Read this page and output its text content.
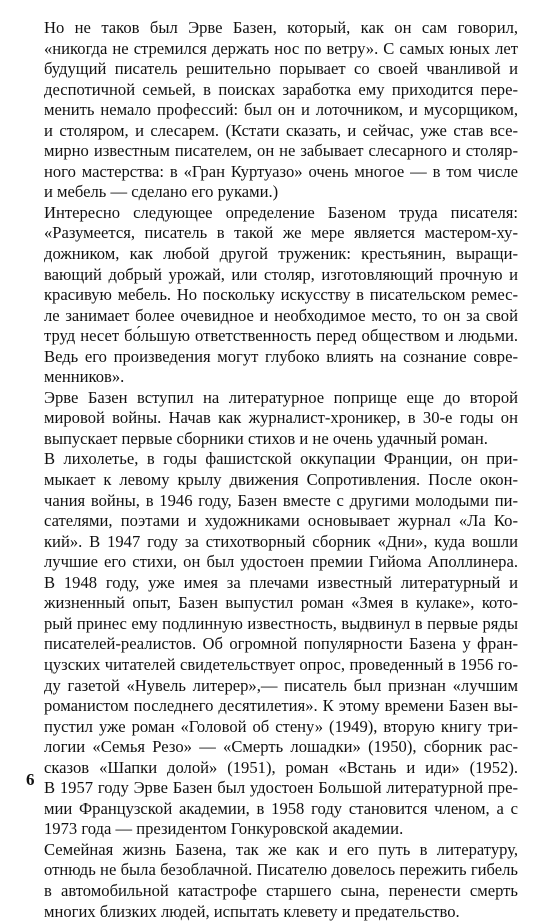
Но не таков был Эрве Базен, который, как он сам говорил,
«никогда не стремился держать нос по ветру». С самых юных лет
будущий писатель решительно порывает со своей чванливой и
деспотичной семьей, в поисках заработка ему приходится пере-
менить немало профессий: был он и лоточником, и мусорщиком,
и столяром, и слесарем. (Кстати сказать, и сейчас, уже став все-
мирно известным писателем, он не забывает слесарного и столяр-
ного мастерства: в «Гран Куртуазо» очень многое — в том числе
и мебель — сделано его руками.)

Интересно следующее определение Базеном труда писателя:
«Разумеется, писатель в такой же мере является мастером-ху-
дожником, как любой другой труженик: крестьянин, выращи-
вающий добрый урожай, или столяр, изготовляющий прочную и
красивую мебель. Но поскольку искусству в писательском ремес-
ле занимает более очевидное и необходимое место, то он за свой
труд несет бо́льшую ответственность перед обществом и людьми.
Ведь его произведения могут глубоко влиять на сознание совре-
менников».

Эрве Базен вступил на литературное поприще еще до второй
мировой войны. Начав как журналист-хроникер, в 30-е годы он
выпускает первые сборники стихов и не очень удачный роман.

В лихолетье, в годы фашистской оккупации Франции, он при-
мыкает к левому крылу движения Сопротивления. После окон-
чания войны, в 1946 году, Базен вместе с другими молодыми пи-
сателями, поэтами и художниками основывает журнал «Ла Ко-
кий». В 1947 году за стихотворный сборник «Дни», куда вошли
лучшие его стихи, он был удостоен премии Гийома Аполлинера.
В 1948 году, уже имея за плечами известный литературный и
жизненный опыт, Базен выпустил роман «Змея в кулаке», кото-
рый принес ему подлинную известность, выдвинул в первые ряды
писателей-реалистов. Об огромной популярности Базена у фран-
цузских читателей свидетельствует опрос, проведенный в 1956 го-
ду газетой «Нувель литерер»,— писатель был признан «лучшим
романистом последнего десятилетия». К этому времени Базен вы-
пустил уже роман «Головой об стену» (1949), вторую книгу три-
логии «Семья Резо» — «Смерть лошадки» (1950), сборник рас-
сказов «Шапки долой» (1951), роман «Встань и иди» (1952).
В 1957 году Эрве Базен был удостоен Большой литературной пре-
мии Французской академии, в 1958 году становится членом, а с
1973 года — президентом Гонкуровской академии.

Семейная жизнь Базена, так же как и его путь в литературу,
отнюдь не была безоблачной. Писателю довелось пережить гибель
в автомобильной катастрофе старшего сына, перенести смерть
многих близких людей, испытать клевету и предательство.

6
